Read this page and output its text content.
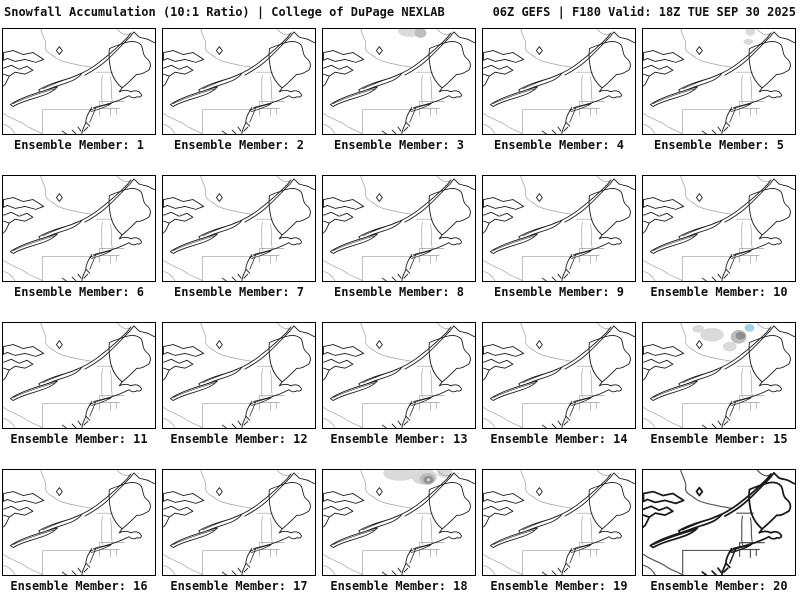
Snowfall Accumulation (10:1 Ratio) | College of DuPage NEXLAB	06Z GEFS | F180 Valid: 18Z TUE SEP 30 2025
Ensemble Member: 1	Ensemble Member: 2	Ensemble Member: 3	Ensemble Member: 4	Ensemble Member: 5
Ensemble Member: 6	Ensemble Member: 7	Ensemble Member: 8	Ensemble Member: 9	Ensemble Member: 10
Ensemble Member: 11	Ensemble Member: 12	Ensemble Member: 13	Ensemble Member: 14	Ensemble Member: 15
Ensemble Member: 16	Ensemble Member: 17	Ensemble Member: 18	Ensemble Member: 19	Ensemble Member: 20
